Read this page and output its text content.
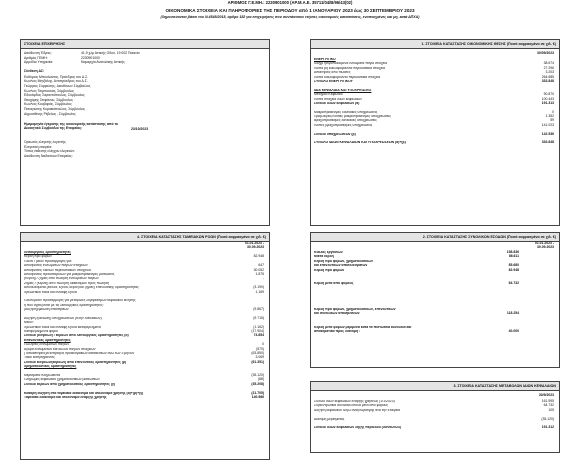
ΑΡΙΘΜΟΣ Γ.Ε.ΜΗ.: 2230901000 (ΑΡ.Μ.Α.Ε. 35711/04/B/96/43(02)
ΟΙΚΟΝΟΜΙΚΑ ΣΤΟΙΧΕΙΑ ΚΑΙ ΠΛΗΡΟΦΟΡΙΕΣ ΤΗΣ ΠΕΡΙΟΔΟΥ από 1 ΙΑΝΟΥΑΡΙΟΥ 2023 έως 30 ΣΕΠΤΕΜΒΡΙΟΥ 2023
(δημοσιεύονται βάσει του Ν.4548/2018, άρθρο 182 για επιχειρήσεις που συντάσσουν ετήσιες οικονομικές καταστάσεις, ενοποιημένες και μη, κατά ΔΠΧΑ)
ΣΤΟΙΧΕΙΑ ΕΠΙΧΕΙΡΗΣΗΣ
Διεύθυνση Έδρας:	41,9 χλμ Αττικής Οδού, 19 002 Παιανία
Αριθμός ΓΕΜΗ:	2230901000
Αρμόδια Υπηρεσία:	Νομαρχία Ανατολικής Αττικής
Σύνθεση ΔΣ:
Ευθύμιος Μπουλούτας, Πρόεδρος του Δ.Σ.
Κων/νος Μητζάλης, Αντιπρόεδρος του Δ.Σ.
Γεώργιος Συρριώτης, Διευθύνων Σύμβουλος
Κων/νος Τσιμπουκας, Σύμβουλος
Εδουάρδος Σαραντόπουλος, Σύμβουλος
Θεοχάρης Στεφάνου, Σύμβουλος
Κων/νος Κουβαράς, Σύμβουλος
Παναγιώτης Κυριακόπουλος, Σύμβουλος
Δημοσθένης Ρέβελας , Σύμβουλος
Ημερομηνία έγκρισης της οικονομικής κατάστασης από το Διοικητικό Συμβούλιο της Εταιρείας:	23/10/2023
Ορκωτός ελεγκτής λογιστής:
Ελεγκτική εταιρεία:
Τύπος έκθεσης ελέγχου ελεγκτών:
Διεύθυνση διαδικτύου Εταιρείας:
1. ΣΤΟΙΧΕΙΑ ΚΑΤΑΣΤΑΣΗΣ ΟΙΚΟΝΟΜΙΚΗΣ ΘΕΣΗΣ (Ποσά εκφρασμένα σε χιλ. €)
30/09/2023
ΕΝΕΡΓΗΤΙΚΟ
Ιδιόχρ ησιμοποιούμενα ενσώματα πάγια στοιχεία	38.674
Λοιπά μη κυκλοφορούντα περιουσιακά στοιχεία	27.296
Απαιτήσεις από πελάτες	3.203
Λοιπά κυκλοφορούντα περιουσιακά στοιχεία	264.685
ΣΥΝΟΛΟ ΕΝΕΡΓΗΤΙΚΟΥ	333.848
ΙΔΙΑ ΚΕΦΑΛΑΙΑ ΚΑΙ ΥΠΟΧΡΕΩΣΕΙΣ
Μετοχικό Κεφάλαιο	90.870
Λοιπά στοιχεία ιδίων κεφαλαίων	100.443
Σύνολο ιδίων κεφαλαίων (α)	191.313
Μακροπρόθεσμες δανειακές υποχρεώσεις	0
Προβλέψεις/Λοιπές μακροπρόθεσμες υποχρεώσεις	1.352
Βραχυπρόθεσμες δανειακές υποχρεώσεις	59
Λοιπές βραχυπρόθεσμες υποχρεώσεις	141.023
Σύνολο υποχρεώσεων (β)	142.536
ΣΥΝΟΛΟ ΙΔΙΩΝ ΚΕΦΑΛΑΙΩΝ ΚΑΙ ΥΠΟΧΡΕΩΣΕΩΝ (α)+(β)	333.848
4. ΣΤΟΙΧΕΙΑ ΚΑΤΑΣΤΑΣΗΣ ΤΑΜΕΙΑΚΩΝ ΡΟΩΝ (Ποσά εκφρασμένα σε χιλ. €)
01.01.2023 -
30.09.2023
Λειτουργικές δραστηριότητες
Κέρδη προ φόρων	82.948
Πλέον / μείον προσαρμογές για:
Αποσβέσεις ενσώματων παγίων στοιχείων	647
Αποσβέσεις δικ/των περιουσιακών στοιχείων	30.052
Αποσβέσεις προκαταβολών για μακροπρόθεσμες μισθώσεις	1.875
(Κέρδη) / ζημιές από πώληση ενσώματων παγίων	-
Ζημιές / (Κέρδη) από πώληση διαθέσιμων προς πώληση
Αποτελέσματα (έσοδα, έξοδα, κέρδη και ζημιές) επενδυτικής δραστηριότητας	(3.190)
Χρεωστικοί τόκοι και συναφή έξοδα	1.169
Πλέον/μείον προσαρμογές για μεταβολές λογαριασμών κεφαλαίου κίνησης
ή που σχετίζονται με τις λειτουργικές δραστηριότητες:
(Αύξηση)/μείωση απαιτήσεων	(9.867)
Αύξηση /(Μείωση) υποχρεώσεων (πλην δανειακών)	(9.715)
Μείον:
Χρεωστικοί τόκοι και συναφή έξοδα καταβεβλημένα	(1.162)
Καταβεβλημένοι φόροι	(17.904)
Σύνολο (εισροών) / εκροών από λειτουργικές δραστηριότητες (α)	74.854
Επενδυτικές δραστηριότητες
Πωλήσεις ενσώματων παγίων	0
Αγορά ενσώματων και άυλων πάγιων στοιχείων	(570)
(Τοποθετήσεις)/Εισπράξεις προθεσμιακών καταθέσεων άνω των 3 μηνών	(63.850)
Τόκοι εισπραχθέντες	3.069
Σύνολο εισροών/(εκροών) από επενδυτικές δραστηριότητες (β)	(61.351)
Χρηματοδοτικές δραστηριότητες
Μερίσματα πληρωθέντα	(35.120)
Πληρωμές κεφαλαίου χρηματοδοτικών μισθώσεων	(88)
Σύνολο εκροών από χρηματοδοτικές δραστηριότητες (γ)	(35.208)
Καθαρή αύξηση στα ταμειακά διαθέσιμα και ισοδύναμα χρήσης (α)+(β)+(γ)	(21.705)
Ταμειακά διαθέσιμα και ισοδύναμα έναρξης χρήσης	140.986
2. ΣΤΟΙΧΕΙΑ ΚΑΤΑΣΤΑΣΗΣ ΣΥΝΟΛΙΚΩΝ ΕΣΟΔΩΝ (Ποσά εκφρασμένα σε χιλ. €)
01.01.2023 -
30.09.2023
Κύκλος εργασιών	158.836
Μικτά κέρδη	86.611
Κέρδη προ φόρων, χρηματοδοτικών
και επενδυτικών αποτελεσμάτων	85.680
Κέρδη προ φόρων	82.948
Κέρδη μετά από φόρους	64.732
Κέρδη προ φόρων, χρηματοδοτικών, επενδυτικών
και συνολικών αποσβέσεων	118.254
Κέρδη μετά φόρων μεριμένα κατά τα πιστωτικά κονδύλια και
αποθεματικά προς διανομή :	40.000
3. ΣΤΟΙΧΕΙΑ ΚΑΤΑΣΤΑΣΗΣ ΜΕΤΑΒΟΛΩΝ ΙΔΙΩΝ ΚΕΦΑΛΑΙΩΝ
30/9/2023
Σύνολο ιδίων κεφαλαίων έναρξης χρήσεως (1/1/2023)	161.595
Συγκεντρωτικά συνολικά έσοδα μετά από φόρους	64.732
Αύξηση κεφαλαίου λόγω αναγνωρίσιμης ανά την Εταιρεία	105
Διανομή μερίσματος	(35.120)
Σύνολο ιδίων κεφαλαίων λήξης περιόδου (30/09/2023)	191.312
